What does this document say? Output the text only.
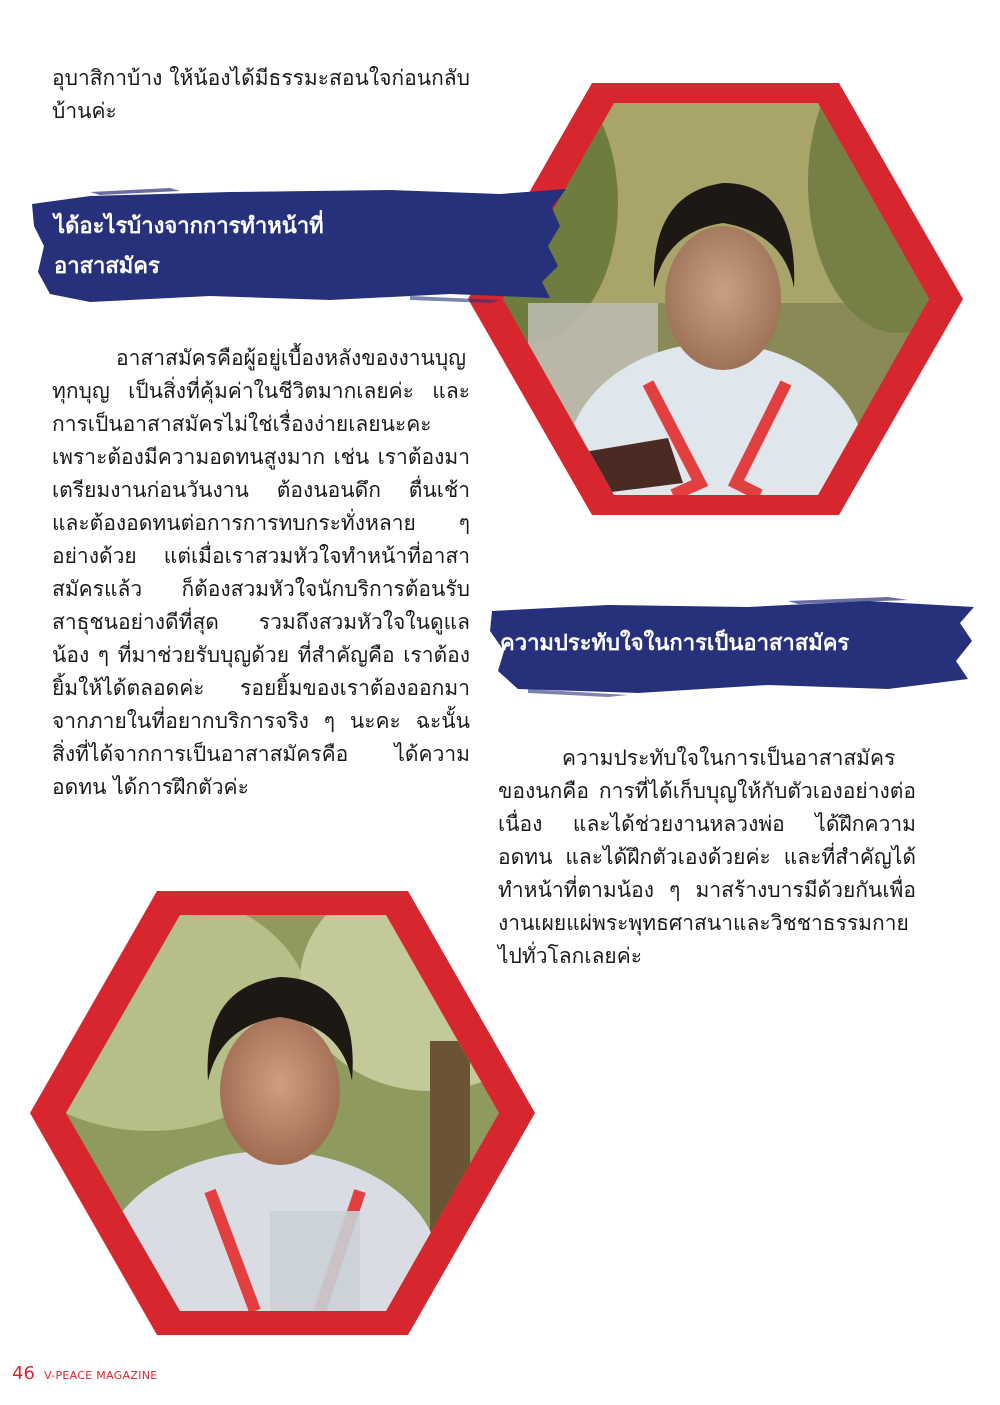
อุบาสิกาบ้าง ให้น้องได้มีธรรมะสอนใจก่อนกลับบ้านค่ะ

ได้อะไรบ้างจากการทำหน้าที่
อาสาสมัคร

อาสาสมัครคือผู้อยู่เบื้องหลังของงานบุญทุกบุญ เป็นสิ่งที่คุ้มค่าในชีวิตมากเลยค่ะ และการเป็นอาสาสมัครไม่ใช่เรื่องง่ายเลยนะคะ เพราะต้องมีความอดทนสูงมาก เช่น เราต้องมาเตรียมงานก่อนวันงาน ต้องนอนดึก ตื่นเช้า และต้องอดทนต่อการการทบกระทั่งหลาย ๆ อย่างด้วย แต่เมื่อเราสวมหัวใจทำหน้าที่อาสาสมัครแล้ว ก็ต้องสวมหัวใจนักบริการต้อนรับสาธุชนอย่างดีที่สุด รวมถึงสวมหัวใจในดูแลน้อง ๆ ที่มาช่วยรับบุญด้วย ที่สำคัญคือ เราต้องยิ้มให้ได้ตลอดค่ะ รอยยิ้มของเราต้องออกมาจากภายในที่อยากบริการจริง ๆ นะคะ ฉะนั้น สิ่งที่ได้จากการเป็นอาสาสมัครคือ ได้ความอดทน ได้การฝึกตัวค่ะ

ความประทับใจในการเป็นอาสาสมัคร

ความประทับใจในการเป็นอาสาสมัครของนกคือ การที่ได้เก็บบุญให้กับตัวเองอย่างต่อเนื่อง และได้ช่วยงานหลวงพ่อ ได้ฝึกความอดทน และได้ฝึกตัวเองด้วยค่ะ และที่สำคัญได้ทำหน้าที่ตามน้อง ๆ มาสร้างบารมีด้วยกันเพื่องานเผยแผ่พระพุทธศาสนาและวิชชาธรรมกายไปทั่วโลกเลยค่ะ

46 V-PEACE MAGAZINE
